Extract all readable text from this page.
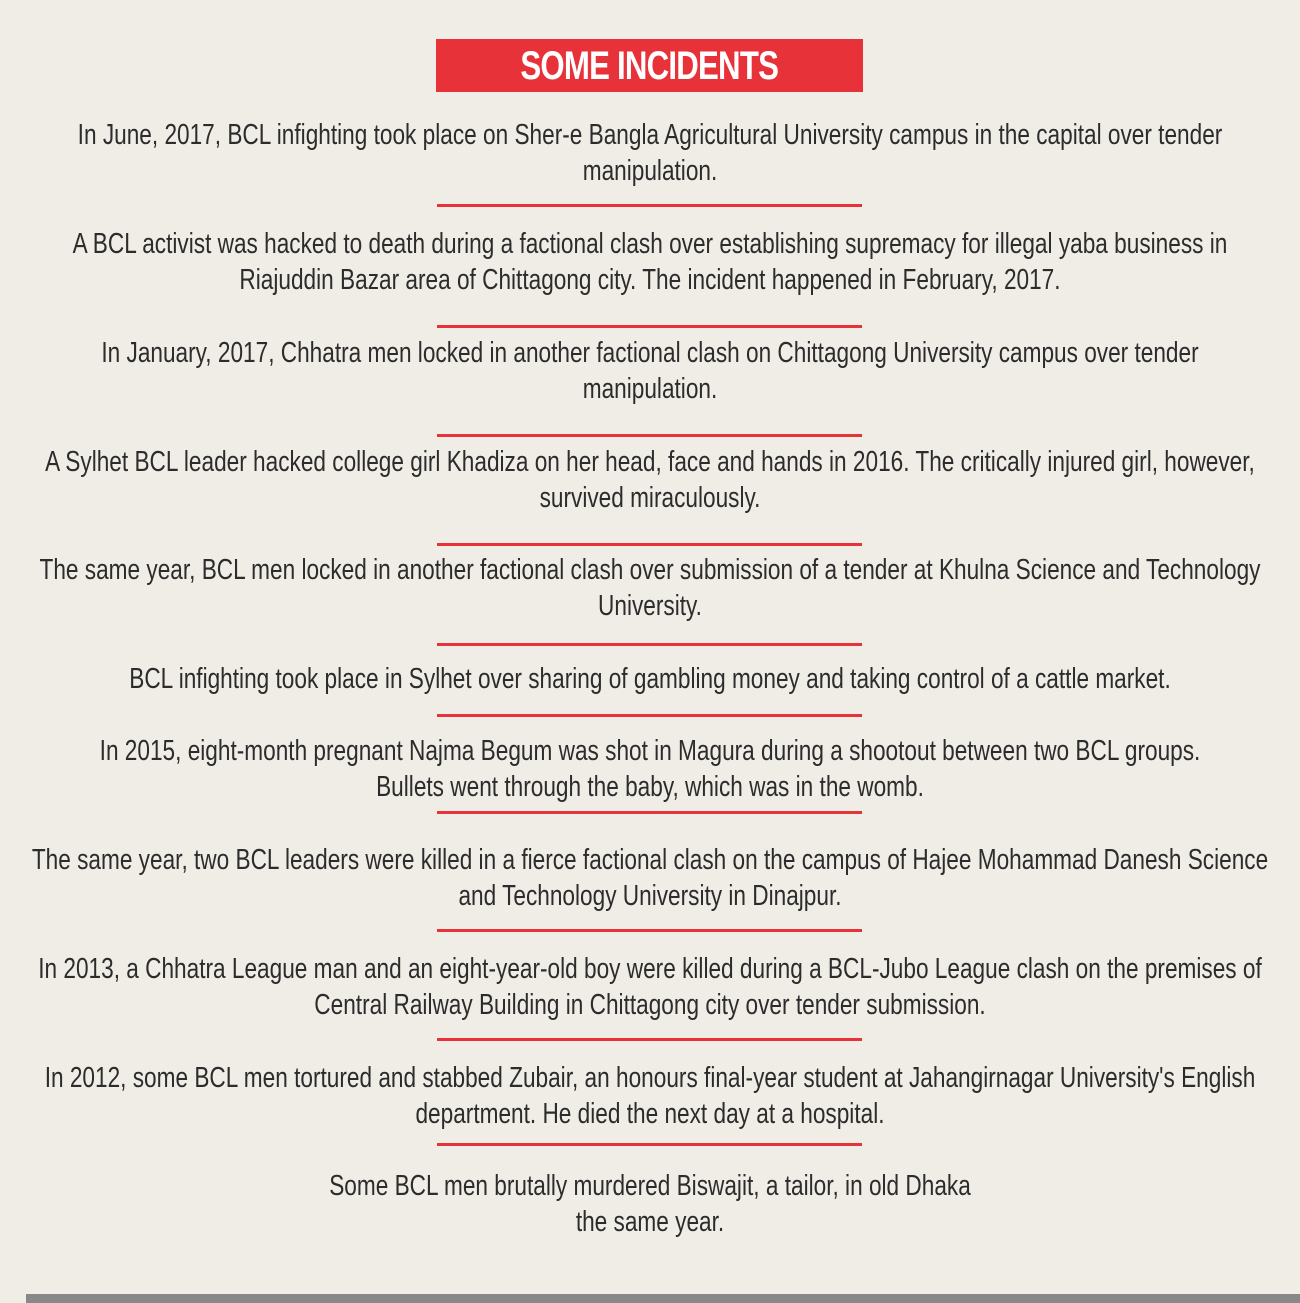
SOME INCIDENTS
In June, 2017, BCL infighting took place on Sher-e Bangla Agricultural University campus in the capital over tender
manipulation.
A BCL activist was hacked to death during a factional clash over establishing supremacy for illegal yaba business in
Riajuddin Bazar area of Chittagong city. The incident happened in February, 2017.
In January, 2017, Chhatra men locked in another factional clash on Chittagong University campus over tender
manipulation.
A Sylhet BCL leader hacked college girl Khadiza on her head, face and hands in 2016. The critically injured girl, however,
survived miraculously.
The same year, BCL men locked in another factional clash over submission of a tender at Khulna Science and Technology
University.
BCL infighting took place in Sylhet over sharing of gambling money and taking control of a cattle market.
In 2015, eight-month pregnant Najma Begum was shot in Magura during a shootout between two BCL groups.
Bullets went through the baby, which was in the womb.
The same year, two BCL leaders were killed in a fierce factional clash on the campus of Hajee Mohammad Danesh Science
and Technology University in Dinajpur.
In 2013, a Chhatra League man and an eight-year-old boy were killed during a BCL-Jubo League clash on the premises of
Central Railway Building in Chittagong city over tender submission.
In 2012, some BCL men tortured and stabbed Zubair, an honours final-year student at Jahangirnagar University's English
department. He died the next day at a hospital.
Some BCL men brutally murdered Biswajit, a tailor, in old Dhaka
the same year.
